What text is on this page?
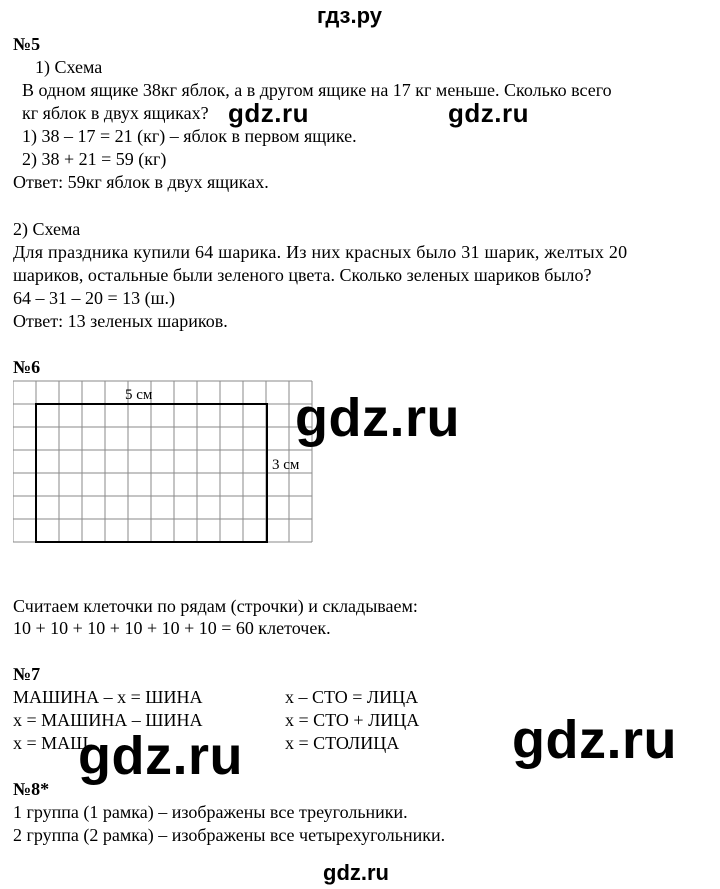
гдз.ру
№5
1) Схема
В одном ящике 38кг яблок, а в другом ящике на 17 кг меньше. Сколько всего
кг яблок в двух ящиках?
1) 38 – 17 = 21 (кг) – яблок в первом ящике.
2) 38 + 21 = 59 (кг)
Ответ: 59кг яблок в двух ящиках.
2) Схема
Для праздника купили 64 шарика. Из них красных было 31 шарик, желтых 20
шариков, остальные были зеленого цвета. Сколько зеленых шариков было?
64 – 31 – 20 = 13 (ш.)
Ответ: 13 зеленых шариков.
№6
5 см
3 см
Считаем клеточки по рядам (строчки) и складываем:
10 + 10 + 10 + 10 + 10 + 10 = 60 клеточек.
№7
МАШИНА – х = ШИНА
х = МАШИНА – ШИНА
х = МАШ
х – СТО = ЛИЦА
х = СТО + ЛИЦА
х = СТОЛИЦА
№8*
1 группа (1 рамка) – изображены все треугольники.
2 группа (2 рамка) – изображены все четырехугольники.
gdz.ru
gdz.ru	gdz.ru
gdz.ru
gdz.ru	gdz.ru
